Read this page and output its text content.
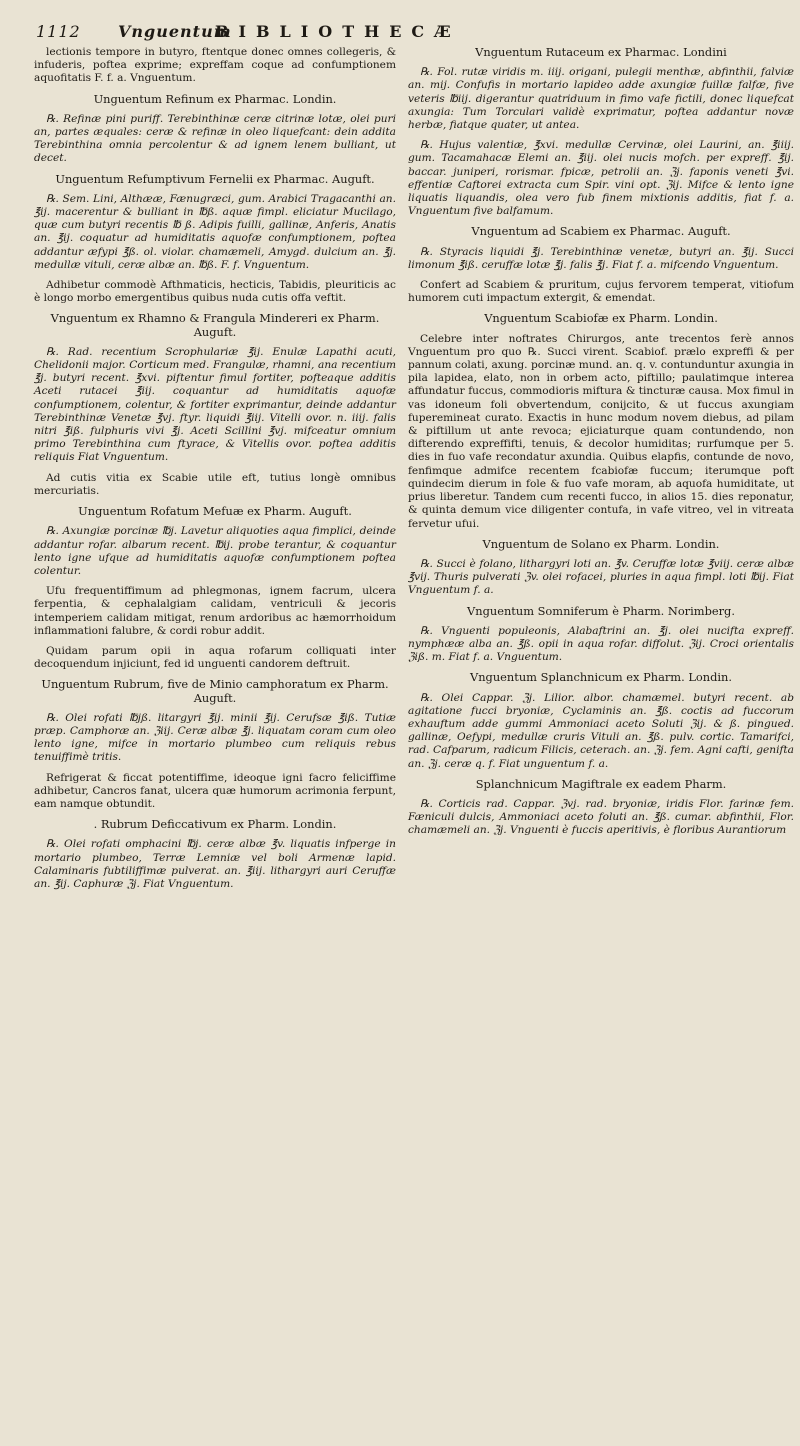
1112 Vnguentum
BIBLIOTHECÆ

lectionis tempore in butyro, ftentque donec omnes collegeris, & infuderis, poftea exprime; expreffam coque ad confumptionem aquofitatis F. f. a. Vnguentum.

Unguentum Refinum ex Pharmac. Londin.

℞. Refinæ pini puriff. Terebinthinæ ceræ citrinæ lotæ, olei puri an, partes æquales: ceræ & refinæ in oleo liquefcant: dein addita Terebinthina omnia percolentur & ad ignem lenem bulliant, ut decet.

Unguentum Refumptivum Fernelii ex Pharmac. Auguft.

℞. Sem. Lini, Althææ, Fænugræci, gum. Arabici Tragacanthi an. ℥ij. macerentur & bulliant in ℔ß. aquæ fimpl. eliciatur Mucilago, quæ cum butyri recentis ℔ ß. Adipis fuilli, gallinæ, Anferis, Anatis an. ℥ij. coquatur ad humiditatis aquofæ confumptionem, poftea addantur æfypi ℥ß. ol. violar. chamæmeli, Amygd. dulcium an. ℥j. medullæ vituli, ceræ albæ an. ℔ß. F. f. Vnguentum.

Adhibetur commodè Afthmaticis, hecticis, Tabidis, pleuriticis ac è longo morbo emergentibus quibus nuda cutis offa veftit.

Vnguentum ex Rhamno & Frangula Mindereri ex Pharm. Auguft.

℞. Rad. recentium Scrophulariæ ℥ij. Enulæ Lapathi acuti, Chelidonii major. Corticum med. Frangulæ, rhamni, ana recentium ℥j. butyri recent. ℥xvi. piftentur fimul fortiter, pofteaque additis Aceti rutacei ℥iij. coquantur ad humiditatis aquofæ confumptionem, colentur, & fortiter exprimantur, deinde addantur Terebinthinæ Venetæ ℥vj. ftyr. liquidi ℥iij. Vitelli ovor. n. iiij. falis nitri ℥iß. fulphuris vivi ℥j. Aceti Scillini ℥vj. mifceatur omnium primo Terebinthina cum ftyrace, & Vitellis ovor. poftea additis reliquis Fiat Vnguentum.

Ad cutis vitia ex Scabie utile eft, tutius longè omnibus mercuriatis.

Unguentum Rofatum Mefuæ ex Pharm. Auguft.

℞. Axungiæ porcinæ ℔j. Lavetur aliquoties aqua fimplici, deinde addantur rofar. albarum recent. ℔ij. probe terantur, & coquantur lento igne ufque ad humiditatis aquofæ confumptionem poftea colentur.

Ufu frequentiffimum ad phlegmonas, ignem facrum, ulcera ferpentia, & cephalalgiam calidam, ventriculi & jecoris intemperiem calidam mitigat, renum ardoribus ac hæmorrhoidum inflammationi falubre, & cordi robur addit.

Quidam parum opii in aqua rofarum colliquati inter decoquendum injiciunt, fed id unguenti candorem deftruit.

Unguentum Rubrum, five de Minio camphoratum ex Pharm. Auguft.

℞. Olei rofati ℔jß. litargyri ℥ij. minii ℥ij. Cerufsæ ℥iß. Tutiæ præp. Camphoræ an. ℨiij. Ceræ albæ ℥j. liquatam coram cum oleo lento igne, mifce in mortario plumbeo cum reliquis rebus tenuiffimè tritis.

Refrigerat & ficcat potentiffime, ideoque igni facro feliciffime adhibetur, Cancros fanat, ulcera quæ humorum acrimonia ferpunt, eam namque obtundit.

. Rubrum Deficcativum ex Pharm. Londin.

℞. Olei rofati omphacini ℔j. ceræ albæ ℥v. liquatis infperge in mortario plumbeo, Terræ Lemniæ vel boli Armenæ lapid. Calaminaris fubtiliffimæ pulverat. an. ℥iij. lithargyri auri Ceruffæ an. ℥ij. Caphuræ ℨj. Fiat Vnguentum.

Vnguentum Rutaceum ex Pharmac. Londini

℞. Fol. rutæ viridis m. iiij. origani, pulegii menthæ, abfinthii, falviæ an. mij. Confufis in mortario lapideo adde axungiæ fuillæ falfæ, five veteris ℔iij. digerantur quatriduum in fimo vafe fictili, donec liquefcat axungia: Tum Torculari validè exprimatur, poftea addantur novæ herbæ, fiatque quater, ut antea.

℞. Hujus valentiæ, ℥xvi. medullæ Cervinæ, olei Laurini, an. ℥iiij. gum. Tacamahacæ Elemi an. ℥iij. olei nucis mofch. per expreff. ℥ij. baccar. juniperi, rorismar. fpicæ, petrolii an. ℨj. faponis veneti ℥vi. effentiæ Caftorei extracta cum Spir. vini opt. ℨij. Mifce & lento igne liquatis liquandis, olea vero fub finem mixtionis additis, fiat f. a. Vnguentum five balfamum.

Vnguentum ad Scabiem ex Pharmac. Auguft.

℞. Styracis liquidi ℥j. Terebinthinæ venetæ, butyri an. ℥ij. Succi limonum ℥iß. ceruffæ lotæ ℥j. falis ℥j. Fiat f. a. mifcendo Vnguentum.

Confert ad Scabiem & pruritum, cujus fervorem temperat, vitiofum humorem cuti impactum extergit, & emendat.

Vnguentum Scabiofæ ex Pharm. Londin.

Celebre inter noftrates Chirurgos, ante trecentos ferè annos Vnguentum pro quo ℞. Succi virent. Scabiof. prælo expreffi & per pannum colati, axung. porcinæ mund. an. q. v. contunduntur axungia in pila lapidea, elato, non in orbem acto, piftillo; paulatimque interea affundatur fuccus, commodioris miftura & tincturæ causa. Mox fimul in vas idoneum foli obvertendum, conijcito, & ut fuccus axungiam fuperemineat curato. Exactis in hunc modum novem diebus, ad pilam & piftillum ut ante revoca; ejiciaturque quam contundendo, non difterendo expreffifti, tenuis, & decolor humiditas; rurfumque per 5. dies in fuo vafe recondatur axundia. Quibus elapfis, contunde de novo, fenfimque admifce recentem fcabiofæ fuccum; iterumque poft quindecim dierum in fole & fuo vafe moram, ab aquofa humiditate, ut prius liberetur. Tandem cum recenti fucco, in alios 15. dies reponatur, & quinta demum vice diligenter contufa, in vafe vitreo, vel in vitreata fervetur ufui.

Vnguentum de Solano ex Pharm. Londin.

℞. Succi è folano, lithargyri loti an. ℥v. Ceruffæ lotæ ℥viij. ceræ albæ ℥vij. Thuris pulverati ℨv. olei rofacei, pluries in aqua fimpl. loti ℔ij. Fiat Vnguentum f. a.

Vnguentum Somniferum è Pharm. Norimberg.

℞. Vnguenti populeonis, Alabaftrini an. ℥j. olei nucifta expreff. nymphææ alba an. ℥ß. opii in aqua rofar. diffolut. ℨij. Croci orientalis ℨiß. m. Fiat f. a. Vnguentum.

Vnguentum Splanchnicum ex Pharm. Londin.

℞. Olei Cappar. ℨj. Lilior. albor. chamæmel. butyri recent. ab agitatione fucci bryoniæ, Cyclaminis an. ℥ß. coctis ad fuccorum exhauftum adde gummi Ammoniaci aceto Soluti ℨij. & ß. pingued. gallinæ, Oefypi, medullæ cruris Vituli an. ℥ß. pulv. cortic. Tamarifci, rad. Cafparum, radicum Filicis, ceterach. an. ℨj. fem. Agni cafti, genifta an. ℨj. ceræ q. f. Fiat unguentum f. a.

Splanchnicum Magiftrale ex eadem Pharm.

℞. Corticis rad. Cappar. ℨvj. rad. bryoniæ, iridis Flor. farinæ fem. Fæniculi dulcis, Ammoniaci aceto foluti an. ℥ß. cumar. abfinthii, Flor. chamæmeli an. ℨj. Vnguenti è fuccis aperitivis, è floribus Aurantiorum
